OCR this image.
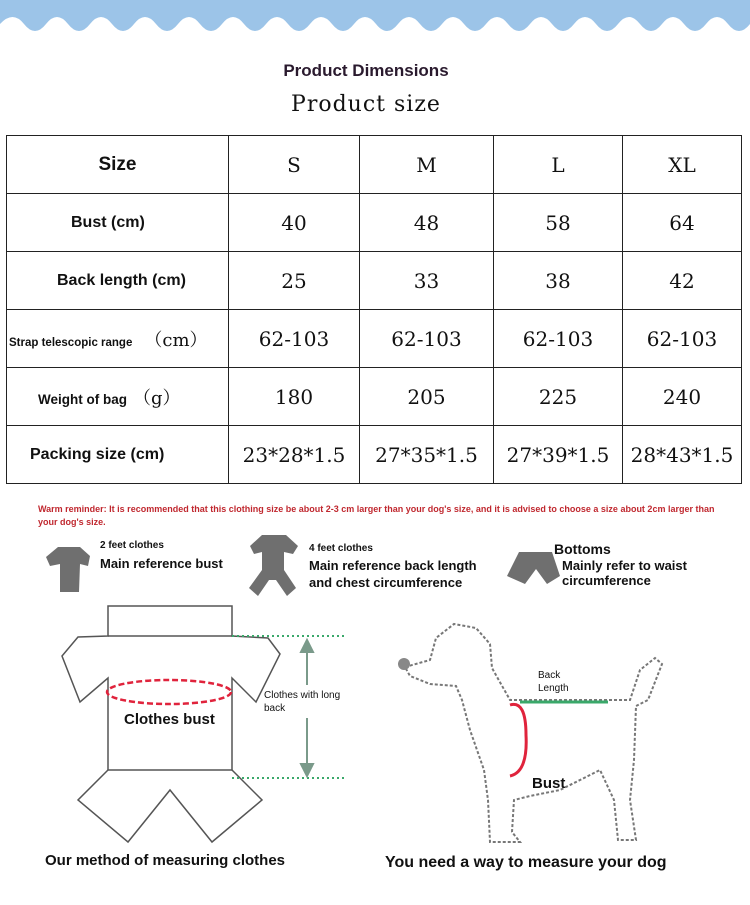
Product Dimensions
Product size
Size	S	M	L	XL
Bust (cm)	40	48	58	64
Back length (cm)	25	33	38	42
Strap telescopic range （cm）	62-103	62-103	62-103	62-103
Weight of bag （g）	180	205	225	240
Packing size (cm)	23*28*1.5	27*35*1.5	27*39*1.5	28*43*1.5
Warm reminder: It is recommended that this clothing size be about 2-3 cm larger than your dog's size, and it is advised to choose a size about 2cm larger than your dog's size.
2 feet clothes
Main reference bust
4 feet clothes
Main reference back length and chest circumference
Bottoms
Mainly refer to waist circumference
Clothes bust
Clothes with long back
Our method of measuring clothes
Back Length
Bust
You need a way to measure your dog
